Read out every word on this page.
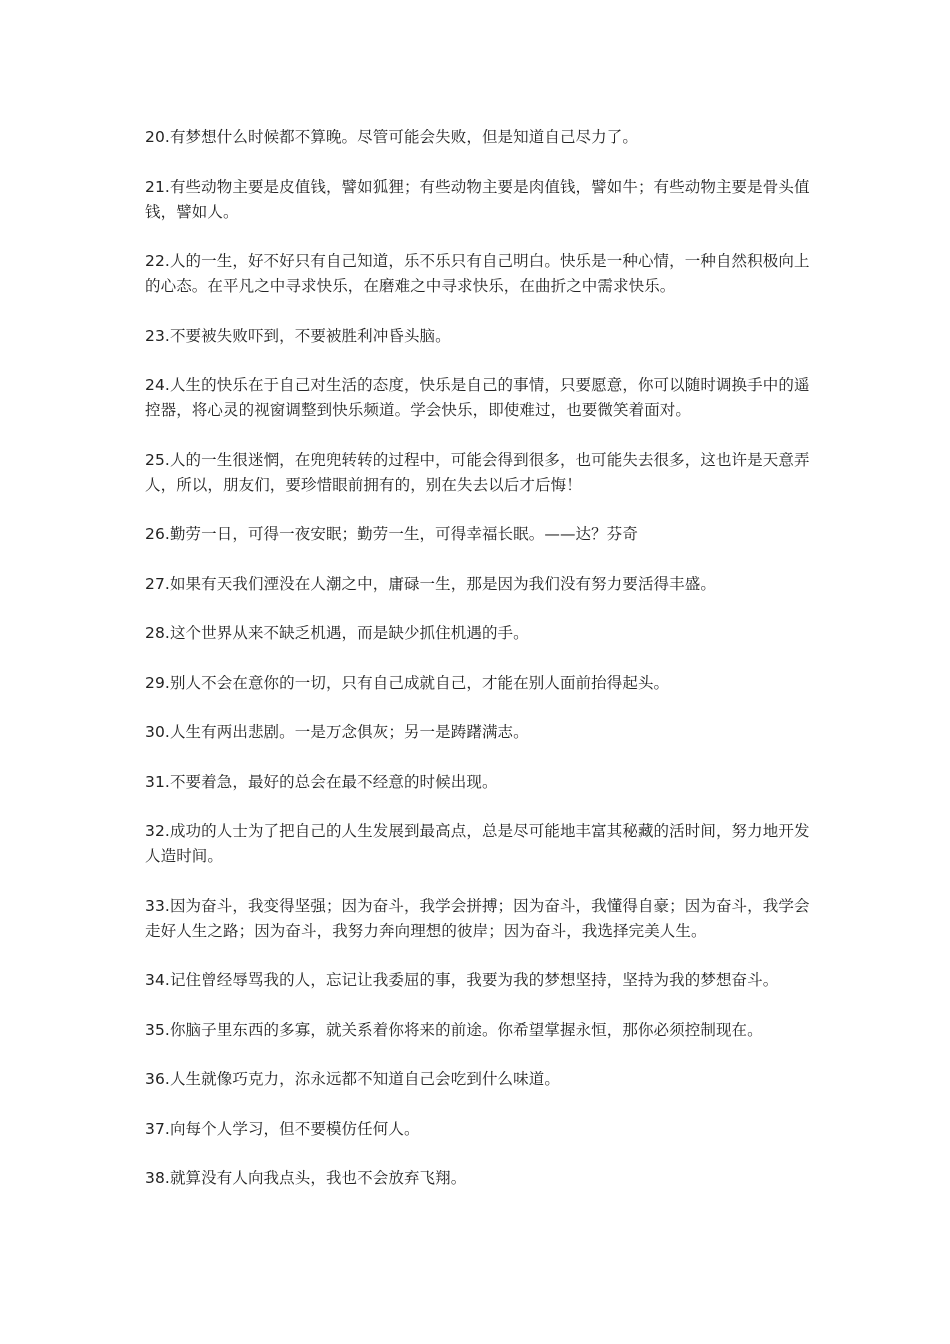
20.有梦想什么时候都不算晚。尽管可能会失败，但是知道自己尽力了。

21.有些动物主要是皮值钱，譬如狐狸；有些动物主要是肉值钱，譬如牛；有些动物主要是骨头值钱，譬如人。

22.人的一生，好不好只有自己知道，乐不乐只有自己明白。快乐是一种心情，一种自然积极向上的心态。在平凡之中寻求快乐，在磨难之中寻求快乐，在曲折之中需求快乐。

23.不要被失败吓到，不要被胜利冲昏头脑。

24.人生的快乐在于自己对生活的态度，快乐是自己的事情，只要愿意，你可以随时调换手中的遥控器，将心灵的视窗调整到快乐频道。学会快乐，即使难过，也要微笑着面对。

25.人的一生很迷惘，在兜兜转转的过程中，可能会得到很多，也可能失去很多，这也许是天意弄人，所以，朋友们，要珍惜眼前拥有的，别在失去以后才后悔！

26.勤劳一日，可得一夜安眠；勤劳一生，可得幸福长眠。——达？芬奇

27.如果有天我们湮没在人潮之中，庸碌一生，那是因为我们没有努力要活得丰盛。

28.这个世界从来不缺乏机遇，而是缺少抓住机遇的手。

29.别人不会在意你的一切，只有自己成就自己，才能在别人面前抬得起头。

30.人生有两出悲剧。一是万念俱灰；另一是踌躇满志。

31.不要着急，最好的总会在最不经意的时候出现。

32.成功的人士为了把自己的人生发展到最高点，总是尽可能地丰富其秘藏的活时间，努力地开发人造时间。

33.因为奋斗，我变得坚强；因为奋斗，我学会拼搏；因为奋斗，我懂得自豪；因为奋斗，我学会走好人生之路；因为奋斗，我努力奔向理想的彼岸；因为奋斗，我选择完美人生。

34.记住曾经辱骂我的人，忘记让我委屈的事，我要为我的梦想坚持，坚持为我的梦想奋斗。

35.你脑子里东西的多寡，就关系着你将来的前途。你希望掌握永恒，那你必须控制现在。

36.人生就像巧克力，沵永远都不知道自己会吃到什么味道。

37.向每个人学习，但不要模仿任何人。

38.就算没有人向我点头，我也不会放弃飞翔。
